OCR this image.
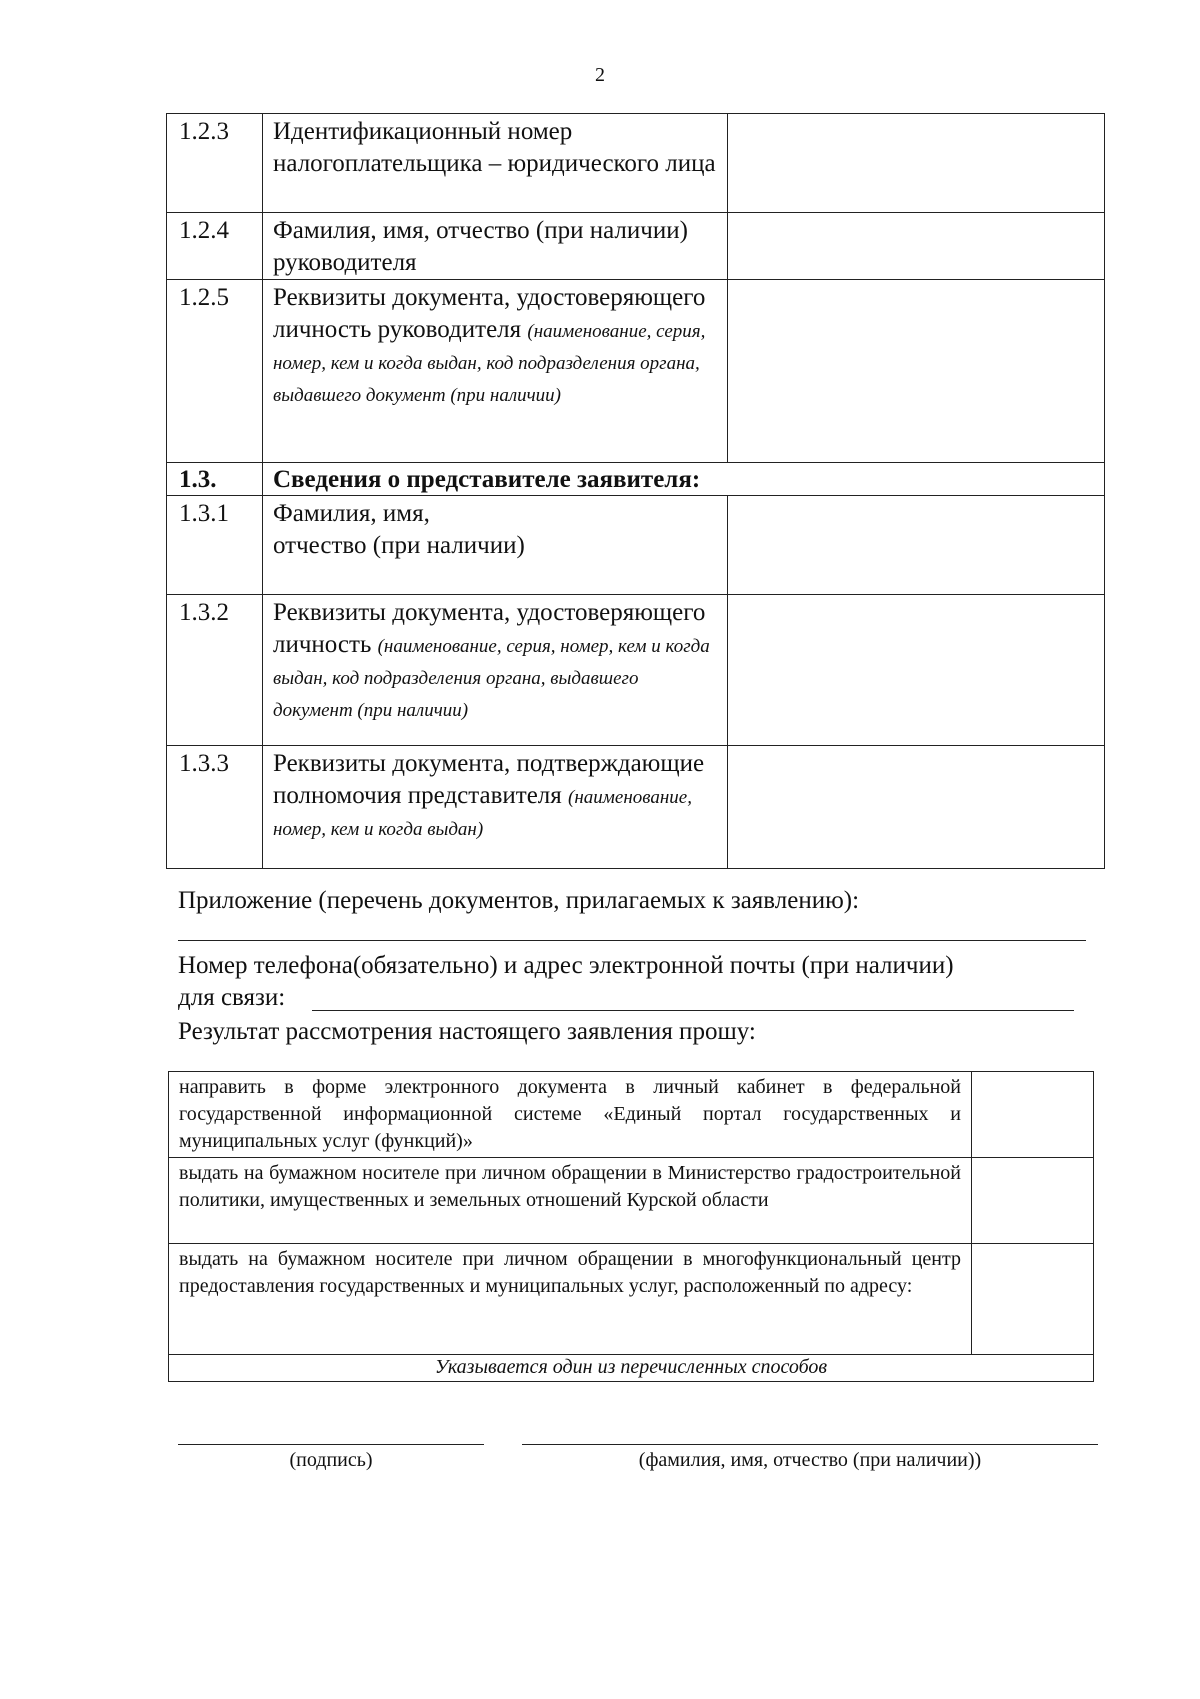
2
1.2.3	Идентификационный номер налогоплательщика – юридического лица	
1.2.4	Фамилия, имя, отчество (при наличии) руководителя	
1.2.5	Реквизиты документа, удостоверяющего личность руководителя (наименование, серия, номер, кем и когда выдан, код подразделения органа, выдавшего документ (при наличии)	
1.3.	Сведения о представителе заявителя:	
1.3.1	Фамилия, имя,
отчество (при наличии)	

1.3.2	Реквизиты документа, удостоверяющего личность (наименование, серия, номер, кем и когда выдан, код подразделения органа, выдавшего документ (при наличии)	
1.3.3	Реквизиты документа, подтверждающие полномочия представителя (наименование, номер, кем и когда выдан)	
Приложение (перечень документов, прилагаемых к заявлению):
Номер телефона(обязательно) и адрес электронной почты (при наличии)
для связи:
Результат рассмотрения настоящего заявления прошу:
направить в форме электронного документа в личный кабинет в федеральной государственной информационной системе «Единый портал государственных и муниципальных услуг (функций)»	
выдать на бумажном носителе при личном обращении в Министерство градостроительной политики, имущественных и земельных отношений Курской области	
выдать на бумажном носителе при личном обращении в многофункциональный центр предоставления государственных и муниципальных услуг, расположенный по адресу:	
Указывается один из перечисленных способов	
(подпись)	(фамилия, имя, отчество (при наличии))
